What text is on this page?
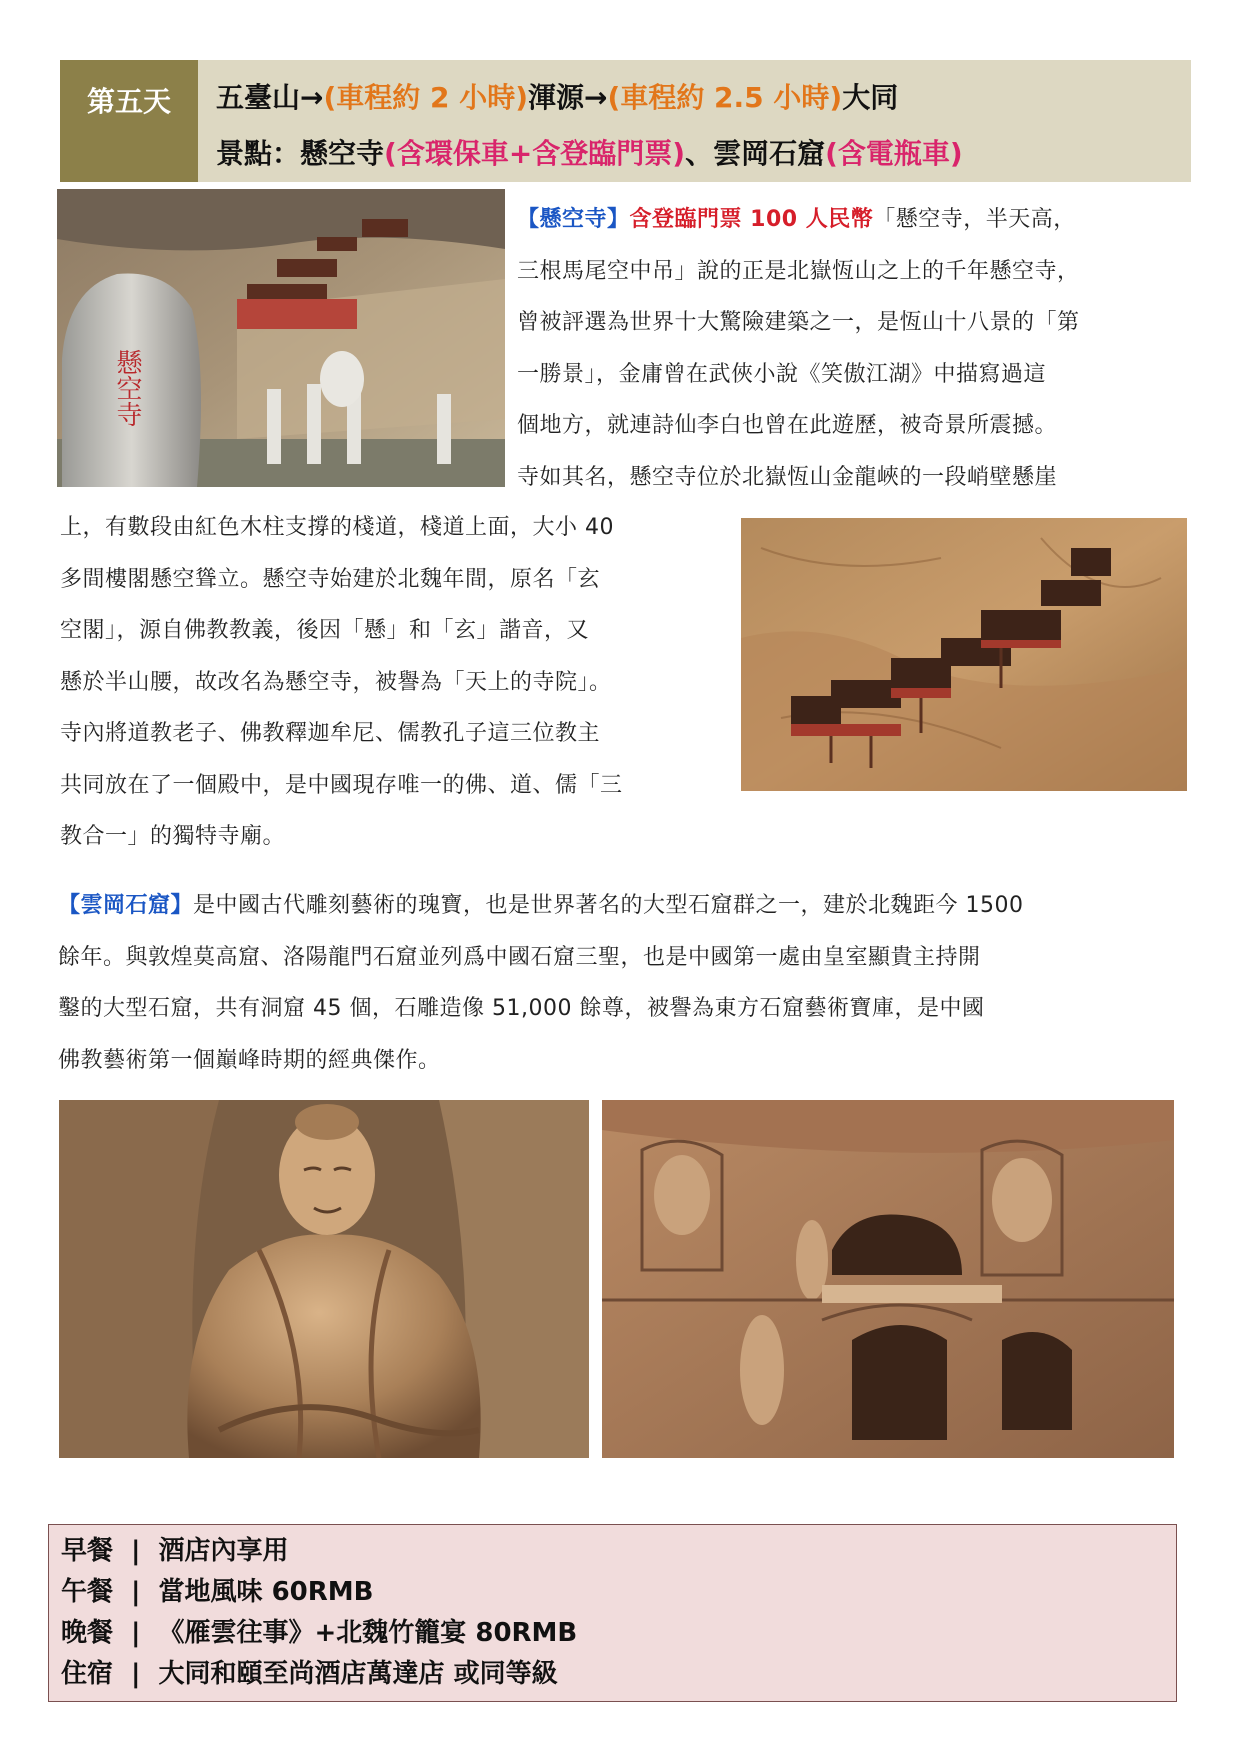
第五天 五臺山→(車程約 2 小時)渾源→(車程約 2.5 小時)大同
景點：懸空寺(含環保車+含登臨門票)、雲岡石窟(含電瓶車)
懸空寺
【懸空寺】含登臨門票 100 人民幣「懸空寺，半天高，
三根馬尾空中吊」說的正是北嶽恆山之上的千年懸空寺，
曾被評選為世界十大驚險建築之一，是恆山十八景的「第
一勝景」，金庸曾在武俠小說《笑傲江湖》中描寫過這
個地方，就連詩仙李白也曾在此遊歷，被奇景所震撼。
寺如其名，懸空寺位於北嶽恆山金龍峽的一段峭壁懸崖
上，有數段由紅色木柱支撐的棧道，棧道上面，大小 40
多間樓閣懸空聳立。懸空寺始建於北魏年間，原名「玄
空閣」，源自佛教教義，後因「懸」和「玄」諧音，又
懸於半山腰，故改名為懸空寺，被譽為「天上的寺院」。
寺內將道教老子、佛教釋迦牟尼、儒教孔子這三位教主
共同放在了一個殿中，是中國現存唯一的佛、道、儒「三
教合一」的獨特寺廟。
【雲岡石窟】是中國古代雕刻藝術的瑰寶，也是世界著名的大型石窟群之一，建於北魏距今 1500
餘年。與敦煌莫高窟、洛陽龍門石窟並列爲中國石窟三聖，也是中國第一處由皇室顯貴主持開
鑿的大型石窟，共有洞窟 45 個，石雕造像 51,000 餘尊，被譽為東方石窟藝術寶庫，是中國
佛教藝術第一個巔峰時期的經典傑作。
早餐 | 酒店內享用
午餐 | 當地風味 60RMB
晚餐 | 《雁雲往事》+北魏竹籠宴 80RMB
住宿 | 大同和頤至尚酒店萬達店 或同等級
